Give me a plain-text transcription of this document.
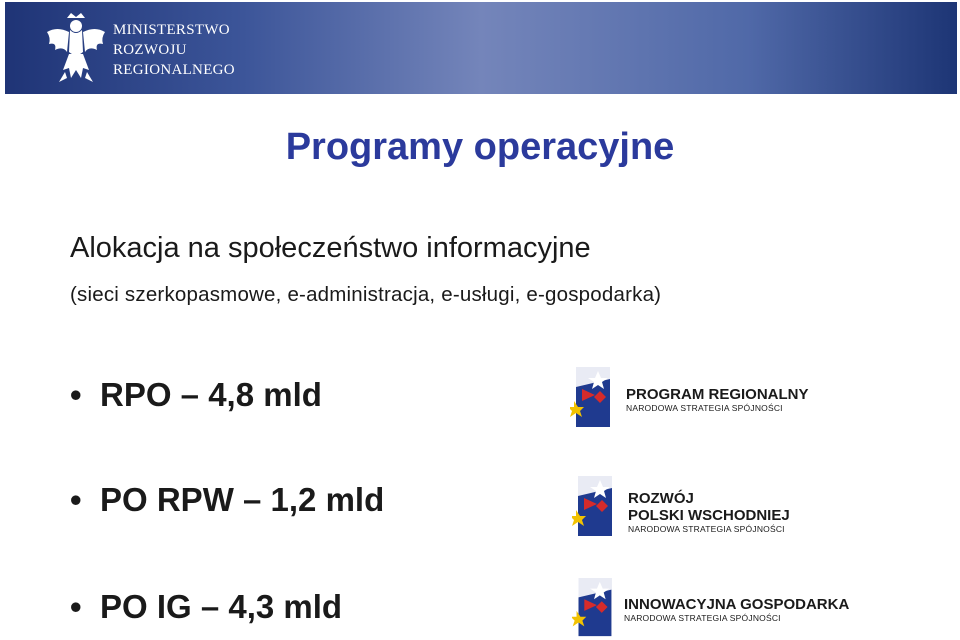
MINISTERSTWO
ROZWOJU
REGIONALNEGO
Programy operacyjne
Alokacja na społeczeństwo informacyjne
(sieci szerkopasmowe, e-administracja, e-usługi, e-gospodarka)
• RPO – 4,8 mld	PROGRAM REGIONALNY
NARODOWA STRATEGIA SPÓJNOŚCI
• PO RPW – 1,2 mld	ROZWÓJ
POLSKI WSCHODNIEJ
NARODOWA STRATEGIA SPÓJNOŚCI
• PO IG – 4,3 mld	INNOWACYJNA GOSPODARKA
NARODOWA STRATEGIA SPÓJNOŚCI
